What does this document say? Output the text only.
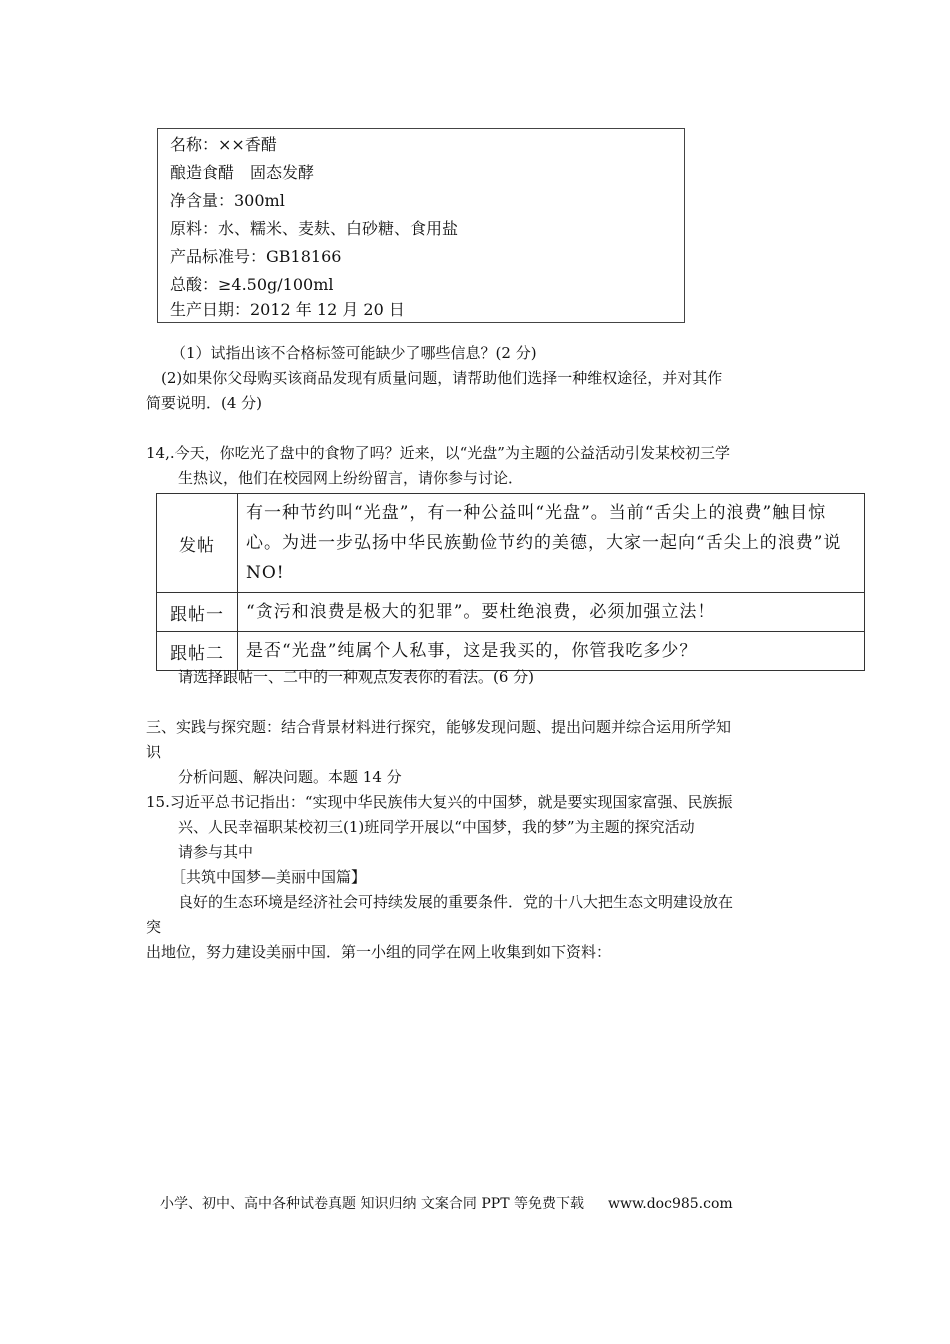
名称：××香醋
酿造食醋　固态发酵
净含量：300ml
原料：水、糯米、麦麸、白砂糖、食用盐
产品标准号：GB18166
总酸：≥4.50g/100ml
生产日期：2012 年 12 月 20 日
（1）试指出该不合格标签可能缺少了哪些信息？(2 分)
(2)如果你父母购买该商品发现有质量问题，请帮助他们选择一种维权途径，并对其作
简要说明．(4 分)
14,.今天，你吃光了盘中的食物了吗？近来，以“光盘”为主题的公益活动引发某校初三学
生热议，他们在校园网上纷纷留言，请你参与讨论．
发帖	有一种节约叫“光盘”，有一种公益叫“光盘”。当前“舌尖上的浪费”触目惊心。为进一步弘扬中华民族勤俭节约的美德，大家一起向“舌尖上的浪费”说 NO!
跟帖一	“贪污和浪费是极大的犯罪”。要杜绝浪费，必须加强立法！
跟帖二	是否“光盘”纯属个人私事，这是我买的，你管我吃多少？
请选择跟帖一、二中的一种观点发表你的看法。(6 分)
三、实践与探究题：结合背景材料进行探究，能够发现问题、提出问题并综合运用所学知
识
分析问题、解决问题。本题 14 分
15.习近平总书记指出：“实现中华民族伟大复兴的中国梦，就是要实现国家富强、民族振
兴、人民幸福职某校初三(1)班同学开展以“中国梦，我的梦”为主题的探究活动
请参与其中
［共筑中国梦—美丽中国篇】
良好的生态环境是经济社会可持续发展的重要条件．党的十八大把生态文明建设放在
突
出地位，努力建设美丽中国．第一小组的同学在网上收集到如下资料：
小学、初中、高中各种试卷真题 知识归纳 文案合同 PPT 等免费下载 www.doc985.com
